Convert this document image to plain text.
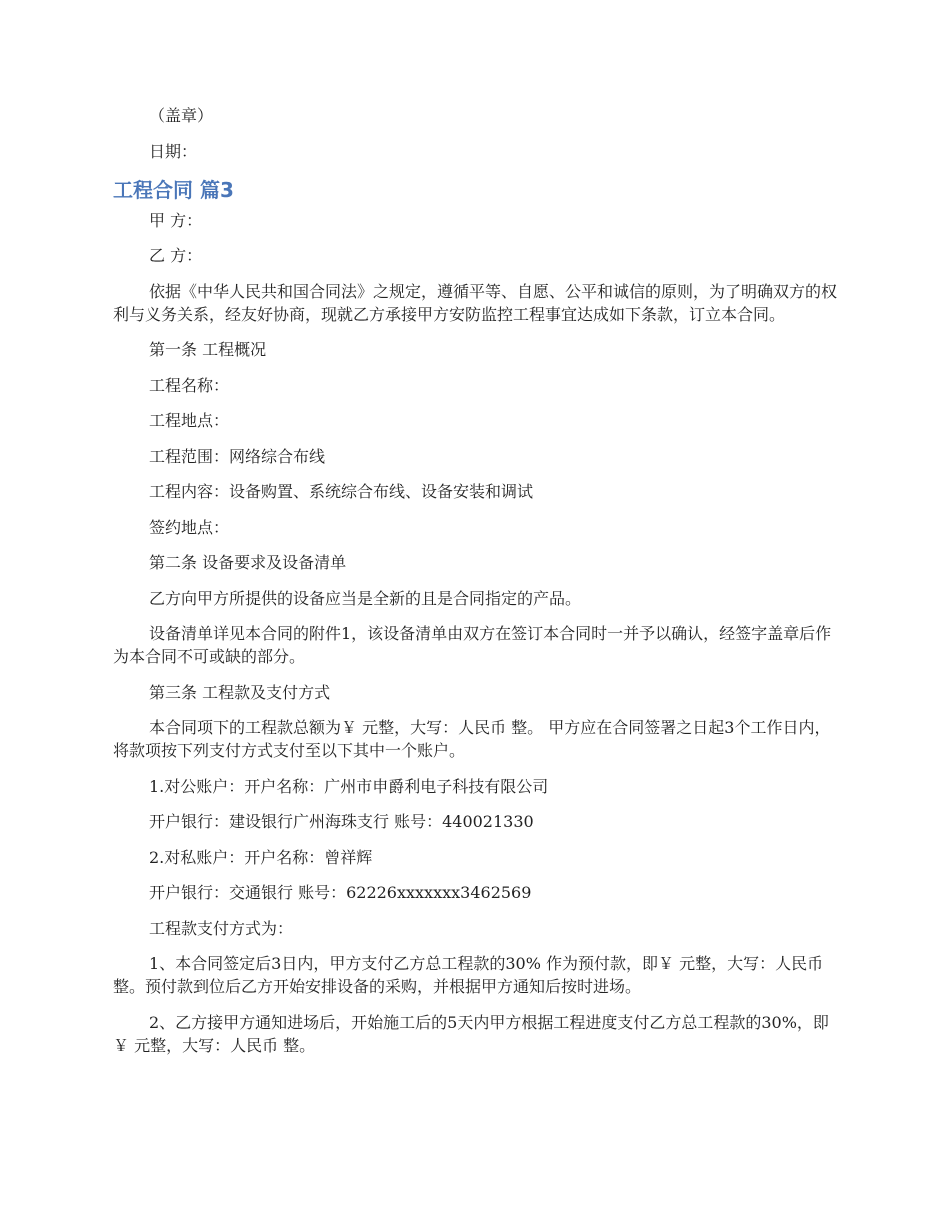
（盖章）

日期：

工程合同 篇3

甲 方：

乙 方：

依据《中华人民共和国合同法》之规定，遵循平等、自愿、公平和诚信的原则，为了明确双方的权利与义务关系，经友好协商，现就乙方承接甲方安防监控工程事宜达成如下条款，订立本合同。

第一条 工程概况

工程名称：

工程地点：

工程范围：网络综合布线

工程内容：设备购置、系统综合布线、设备安装和调试

签约地点：

第二条 设备要求及设备清单

乙方向甲方所提供的设备应当是全新的且是合同指定的产品。

设备清单详见本合同的附件1，该设备清单由双方在签订本合同时一并予以确认，经签字盖章后作为本合同不可或缺的部分。

第三条 工程款及支付方式

本合同项下的工程款总额为￥ 元整，大写：人民币 整。 甲方应在合同签署之日起3个工作日内，将款项按下列支付方式支付至以下其中一个账户。

1.对公账户：开户名称：广州市申爵利电子科技有限公司

开户银行：建设银行广州海珠支行 账号：440021330

2.对私账户：开户名称：曾祥辉

开户银行：交通银行 账号：62226xxxxxxx3462569

工程款支付方式为：

1、本合同签定后3日内，甲方支付乙方总工程款的30% 作为预付款，即￥ 元整，大写：人民币 整。预付款到位后乙方开始安排设备的采购，并根据甲方通知后按时进场。

2、乙方接甲方通知进场后，开始施工后的5天内甲方根据工程进度支付乙方总工程款的30%，即￥ 元整，大写：人民币 整。
